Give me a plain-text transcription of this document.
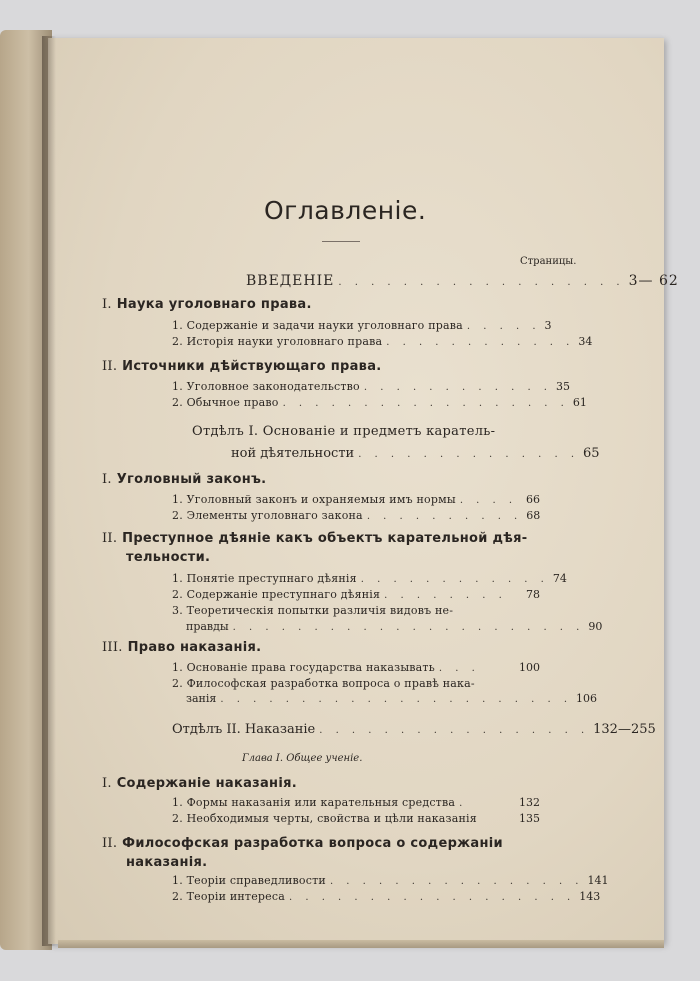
Оглавленie.
Страницы.
ВВЕДЕНIЕ . . . . . . . . . . . . . . . . . . 3— 62
I. Наука уголовнаго права.
1. Содержанiе и задачи науки уголовнаго права . . . . . 3
2. Исторiя науки уголовнаго права . . . . . . . . . . . . 34
II. Источники дѣйствующаго права.
1. Уголовное законодательство . . . . . . . . . . . . 35
2. Обычное право . . . . . . . . . . . . . . . . . . 61
Отдѣлъ I. Основанiе и предметъ каратель-
ной дѣятельности . . . . . . . . . . . . . . 65
I. Уголовный законъ.
1. Уголовный законъ и охраняемыя имъ нормы . . . . 66
2. Элементы уголовнаго закона . . . . . . . . . . 68
II. Преступное дѣянiе какъ объектъ карательной дѣя-
тельности.
1. Понятiе преступнаго дѣянiя . . . . . . . . . . . . 74
2. Содержанiе преступнаго дѣянiя . . . . . . . .	78
3. Теоретическiя попытки различiя видовъ не-
правды . . . . . . . . . . . . . . . . . . . . . . 90
III. Право наказанiя.
1. Основанiе права государства наказывать . . .	100
2. Философская разработка вопроса о правѣ нака-
занiя . . . . . . . . . . . . . . . . . . . . . . 106
Отдѣлъ II. Наказанiе . . . . . . . . . . . . . . . . . 132—255
Глава I. Общее ученiе.
I. Содержанiе наказанiя.
1. Формы наказанiя или карательныя средства .	132
2. Необходимыя черты, свойства и цѣли наказанiя	135
II. Философская разработка вопроса о содержанiи
наказанiя.
1. Теорiи справедливости . . . . . . . . . . . . . . . . 141
2. Теорiи интереса . . . . . . . . . . . . . . . . . . 143
